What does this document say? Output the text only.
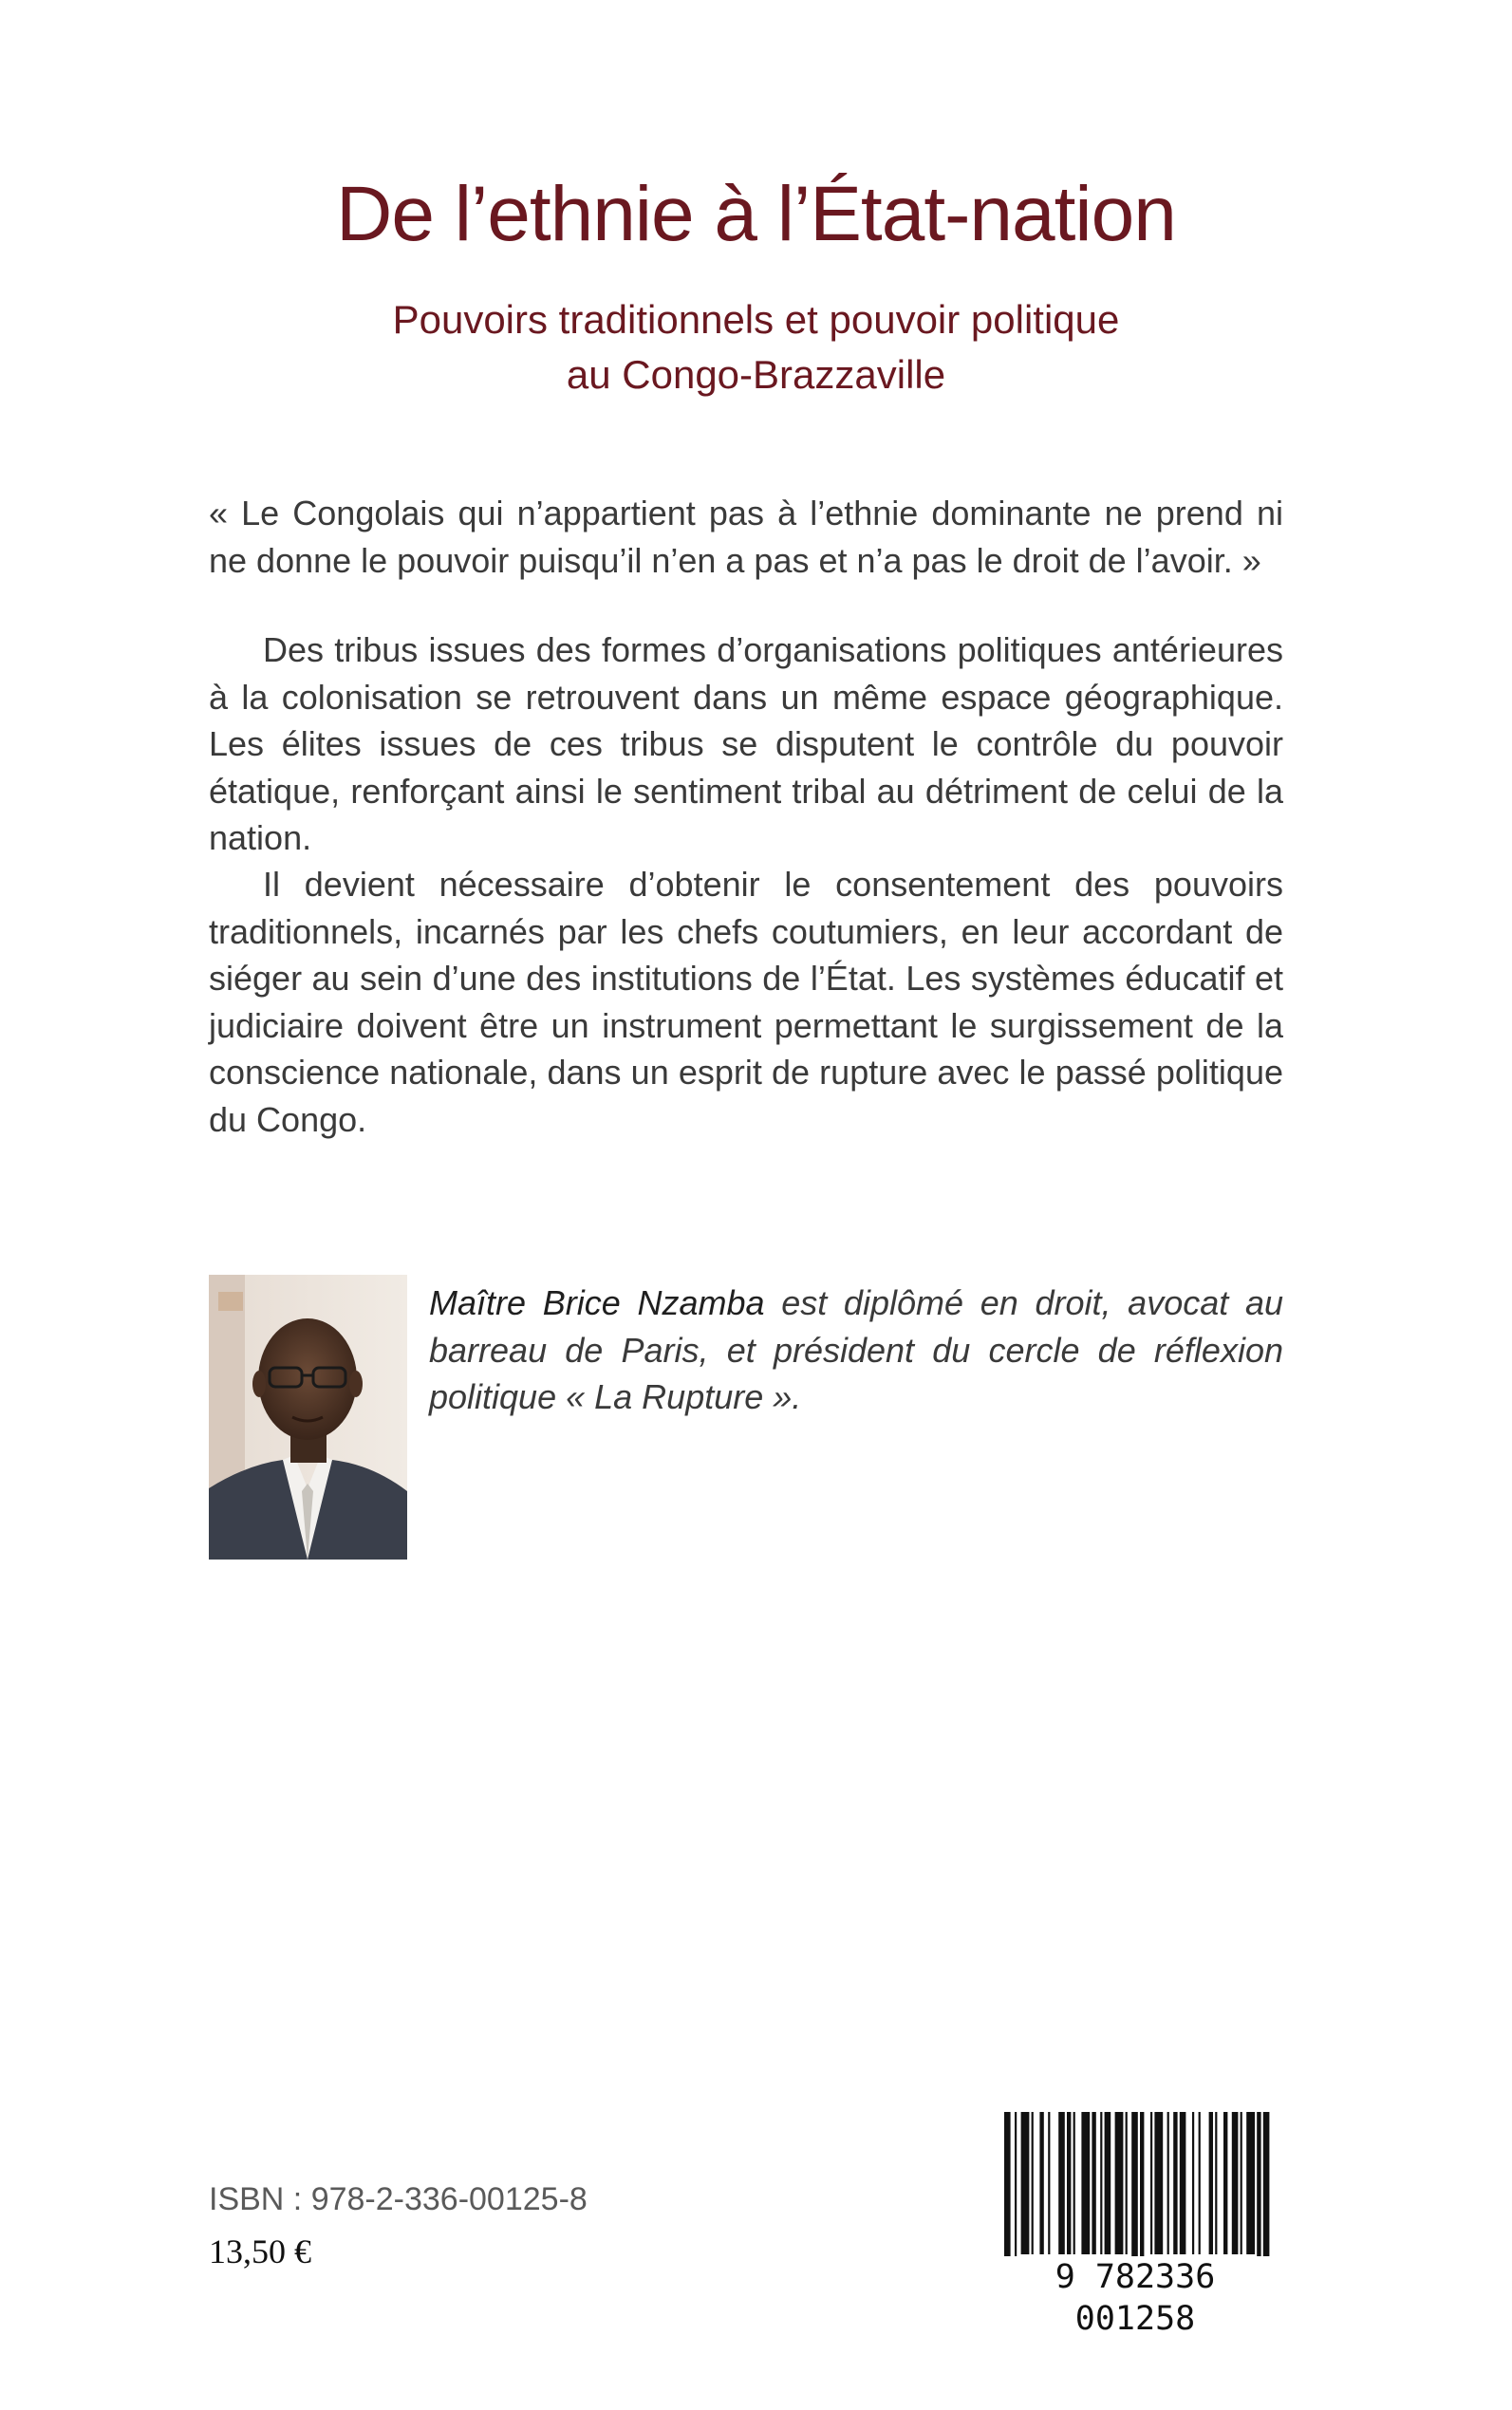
De l’ethnie à l’État-nation
Pouvoirs traditionnels et pouvoir politique
au Congo-Brazzaville

« Le Congolais qui n’appartient pas à l’ethnie dominante ne prend ni ne donne le pouvoir puisqu’il n’en a pas et n’a pas le droit de l’avoir. »

Des tribus issues des formes d’organisations politiques antérieures à la colonisation se retrouvent dans un même espace géographique. Les élites issues de ces tribus se disputent le contrôle du pouvoir étatique, renforçant ainsi le sentiment tribal au détriment de celui de la nation.

Il devient nécessaire d’obtenir le consentement des pouvoirs traditionnels, incarnés par les chefs coutumiers, en leur accordant de siéger au sein d’une des institutions de l’État. Les systèmes éducatif et judiciaire doivent être un instrument permettant le surgissement de la conscience nationale, dans un esprit de rupture avec le passé politique du Congo.

Maître Brice Nzamba est diplômé en droit, avocat au barreau de Paris, et président du cercle de réflexion politique « La Rupture ».

ISBN : 978-2-336-00125-8
13,50 €
9 782336 001258
